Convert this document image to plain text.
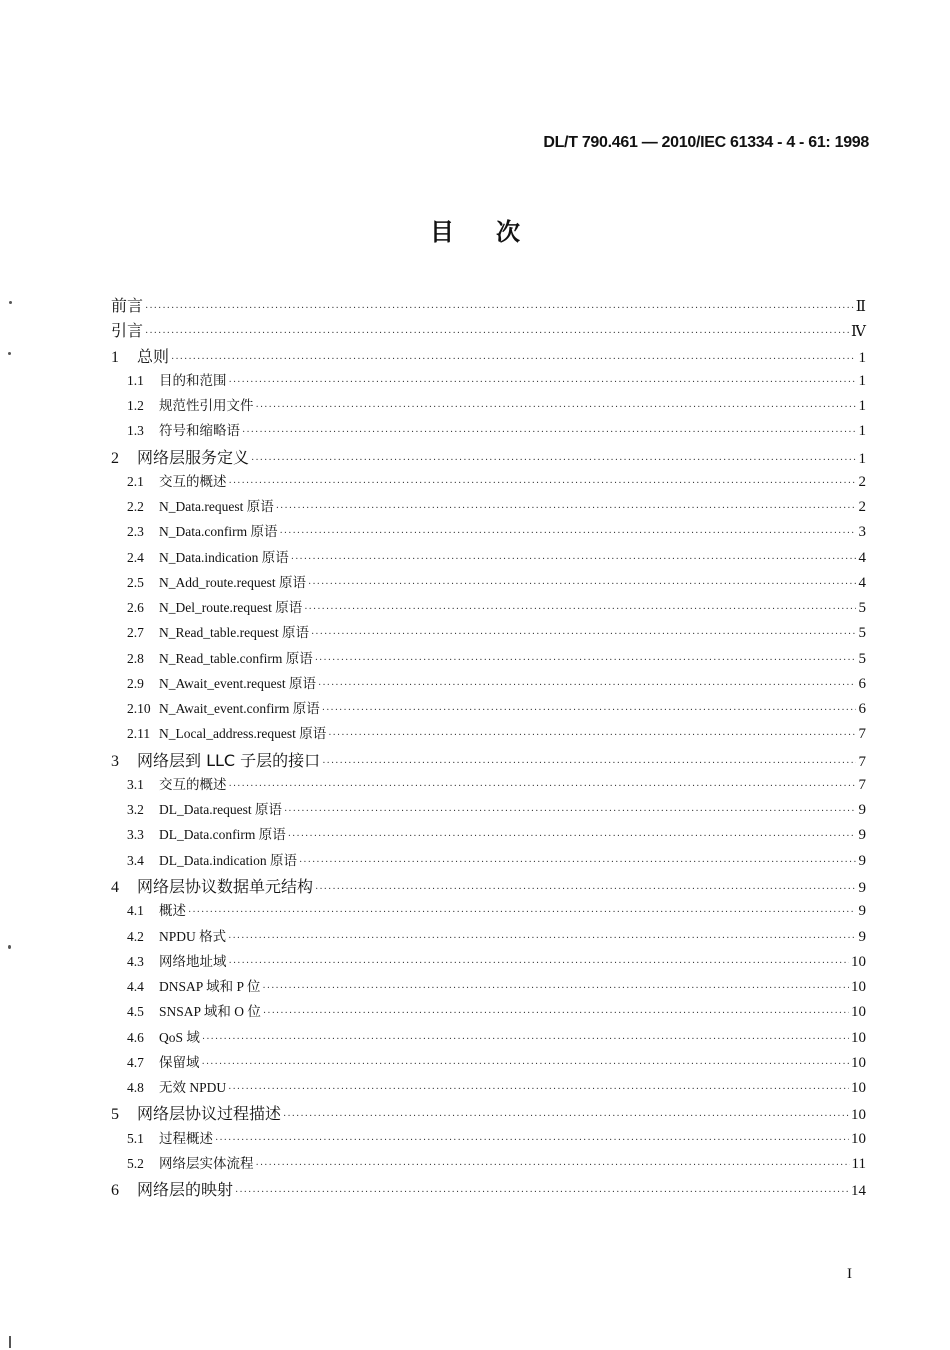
DL/T 790.461 — 2010/IEC 61334 - 4 - 61: 1998
目 次
前言 ·····	Ⅱ
引言 ·····	Ⅳ
1	总则 ·····	1
1.1	目的和范围 ·····	1
1.2	规范性引用文件 ·····	1
1.3	符号和缩略语 ·····	1
2	网络层服务定义 ·····	1
2.1	交互的概述 ·····	2
2.2	N_Data.request 原语 ·····	2
2.3	N_Data.confirm 原语 ·····	3
2.4	N_Data.indication 原语 ·····	4
2.5	N_Add_route.request 原语 ·····	4
2.6	N_Del_route.request 原语 ·····	5
2.7	N_Read_table.request 原语 ·····	5
2.8	N_Read_table.confirm 原语 ·····	5
2.9	N_Await_event.request 原语 ·····	6
2.10 N_Await_event.confirm 原语 ·····	6
2.11 N_Local_address.request 原语 ·····	7
3	网络层到 LLC 子层的接口 ·····	7
3.1	交互的概述 ·····	7
3.2	DL_Data.request 原语 ·····	9
3.3	DL_Data.confirm 原语 ·····	9
3.4	DL_Data.indication 原语 ·····	9
4	网络层协议数据单元结构 ·····	9
4.1	概述 ·····	9
4.2	NPDU 格式 ·····	9
4.3	网络地址域 ·····	10
4.4	DNSAP 域和 P 位 ·····	10
4.5	SNSAP 域和 O 位 ·····	10
4.6	QoS 域 ·····	10
4.7	保留域 ·····	10
4.8	无效 NPDU ·····	10
5	网络层协议过程描述 ·····	10
5.1	过程概述 ·····	10
5.2	网络层实体流程 ·····	11
6	网络层的映射 ·····	14
I
